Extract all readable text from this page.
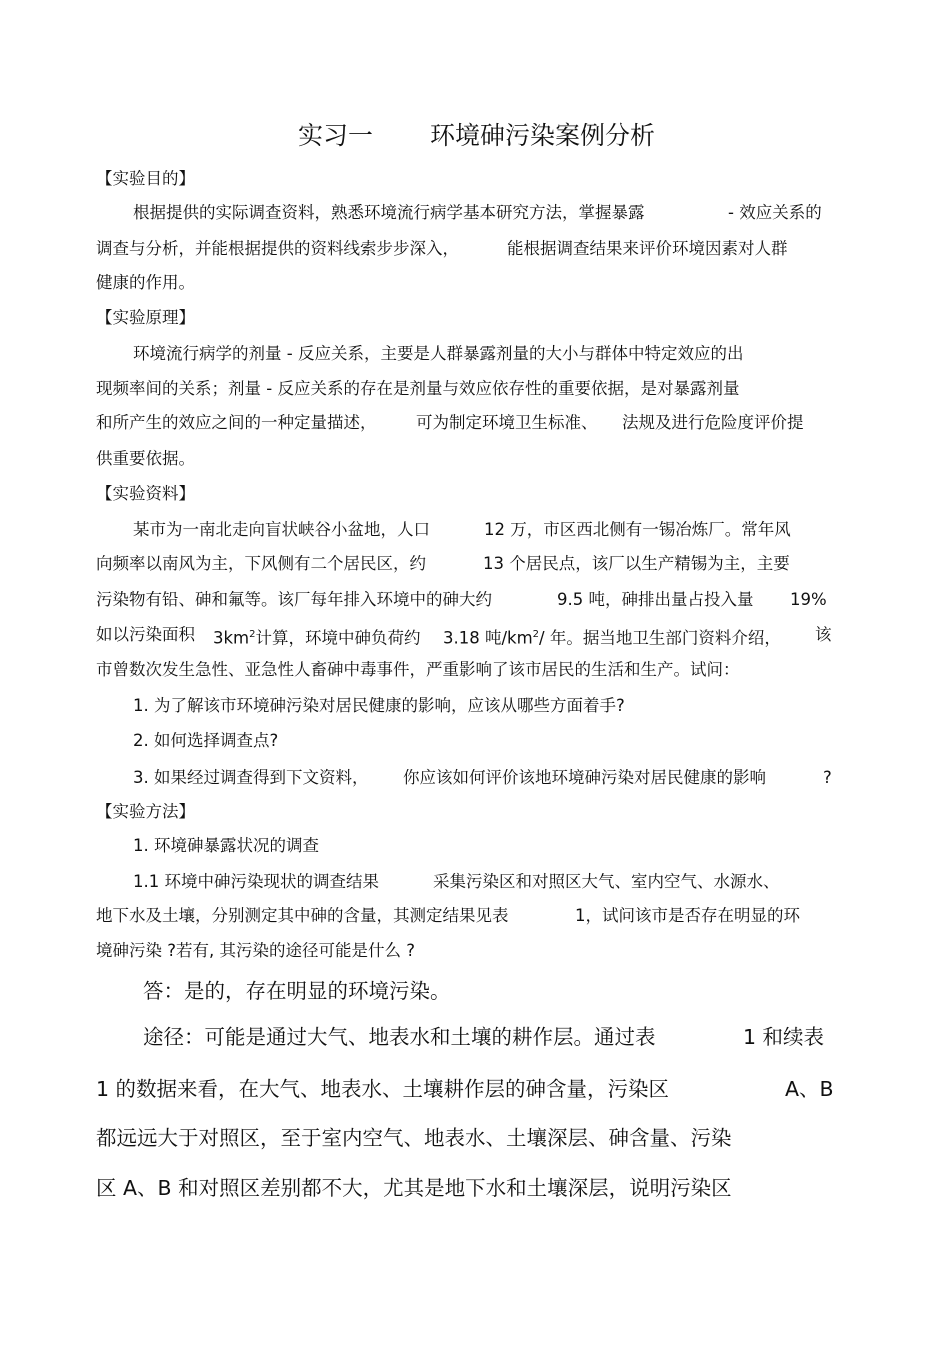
实习一 环境砷污染案例分析
【实验目的】
根据提供的实际调查资料，熟悉环境流行病学基本研究方法，掌握暴露	- 效应关系的
调查与分析，并能根据提供的资料线索步步深入，	能根据调查结果来评价环境因素对人群
健康的作用。
【实验原理】
环境流行病学的剂量 - 反应关系，主要是人群暴露剂量的大小与群体中特定效应的出
现频率间的关系；剂量 - 反应关系的存在是剂量与效应依存性的重要依据，是对暴露剂量
和所产生的效应之间的一种定量描述， 可为制定环境卫生标准、 法规及进行危险度评价提
供重要依据。
【实验资料】
某市为一南北走向盲状峡谷小盆地，人口	12 万，市区西北侧有一锡冶炼厂。常年风
向频率以南风为主，下风侧有二个居民区，约	13 个居民点，该厂以生产精锡为主，主要
污染物有铅、砷和氟等。该厂每年排入环境中的砷大约	9.5 吨，砷排出量占投入量 19%
如以污染面积 $3km^2$计算，环境中砷负荷约 3.18 吨$/km^2/$ 年。据当地卫生部门资料介绍， 该
市曾数次发生急性、亚急性人畜砷中毒事件，严重影响了该市居民的生活和生产。试问：
1. 为了解该市环境砷污染对居民健康的影响，应该从哪些方面着手?
2. 如何选择调查点?
3. 如果经过调查得到下文资料， 你应该如何评价该地环境砷污染对居民健康的影响	?
【实验方法】
1. 环境砷暴露状况的调查
1.1 环境中砷污染现状的调查结果	采集污染区和对照区大气、室内空气、水源水、
地下水及土壤，分别测定其中砷的含量，其测定结果见表	1，试问该市是否存在明显的环
境砷污染 ?若有, 其污染的途径可能是什么 ?
答：是的，存在明显的环境污染。
途径：可能是通过大气、地表水和土壤的耕作层。通过表	1 和续表
1 的数据来看，在大气、地表水、土壤耕作层的砷含量，污染区	A、B
都远远大于对照区，至于室内空气、地表水、土壤深层、砷含量、污染
区 A、B 和对照区差别都不大，尤其是地下水和土壤深层，说明污染区
